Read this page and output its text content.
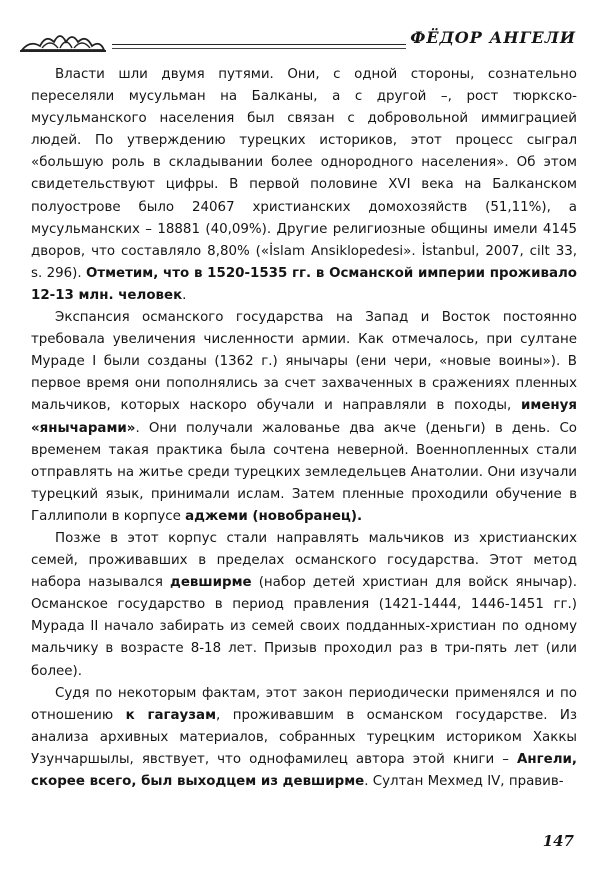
ФЁДОР АНГЕЛИ

Власти шли двумя путями. Они, с одной стороны, сознательно переселяли мусульман на Балканы, а с другой –, рост тюркско-мусульманского населения был связан с добровольной иммиграцией людей. По утверждению турецких историков, этот процесс сыграл «большую роль в складывании более однородного населения». Об этом свидетельствуют цифры. В первой половине XVI века на Балканском полуострове было 24067 христианских домохозяйств (51,11%), а мусульманских – 18881 (40,09%). Другие религиозные общины имели 4145 дворов, что составляло 8,80% («İslam Ansiklopedesi». İstanbul, 2007, cilt 33, s. 296). Отметим, что в 1520-1535 гг. в Османской империи проживало 12-13 млн. человек.

Экспансия османского государства на Запад и Восток постоянно требовала увеличения численности армии. Как отмечалось, при султане Мураде I были созданы (1362 г.) янычары (ени чери, «новые воины»). В первое время они пополнялись за счет захваченных в сражениях пленных мальчиков, которых наскоро обучали и направляли в походы, именуя «янычарами». Они получали жалованье два акче (деньги) в день. Со временем такая практика была сочтена неверной. Военнопленных стали отправлять на житье среди турецких земледельцев Анатолии. Они изучали турецкий язык, принимали ислам. Затем пленные проходили обучение в Галлиполи в корпусе аджеми (новобранец).

Позже в этот корпус стали направлять мальчиков из христианских семей, проживавших в пределах османского государства. Этот метод набора назывался девширме (набор детей христиан для войск янычар). Османское государство в период правления (1421-1444, 1446-1451 гг.) Мурада II начало забирать из семей своих подданных-христиан по одному мальчику в возрасте 8-18 лет. Призыв проходил раз в три-пять лет (или более).

Судя по некоторым фактам, этот закон периодически применялся и по отношению к гагаузам, проживавшим в османском государстве. Из анализа архивных материалов, собранных турецким историком Хаккы Узунчаршылы, явствует, что однофамилец автора этой книги – Ангели, скорее всего, был выходцем из девширме. Султан Мехмед IV, правив-

147
